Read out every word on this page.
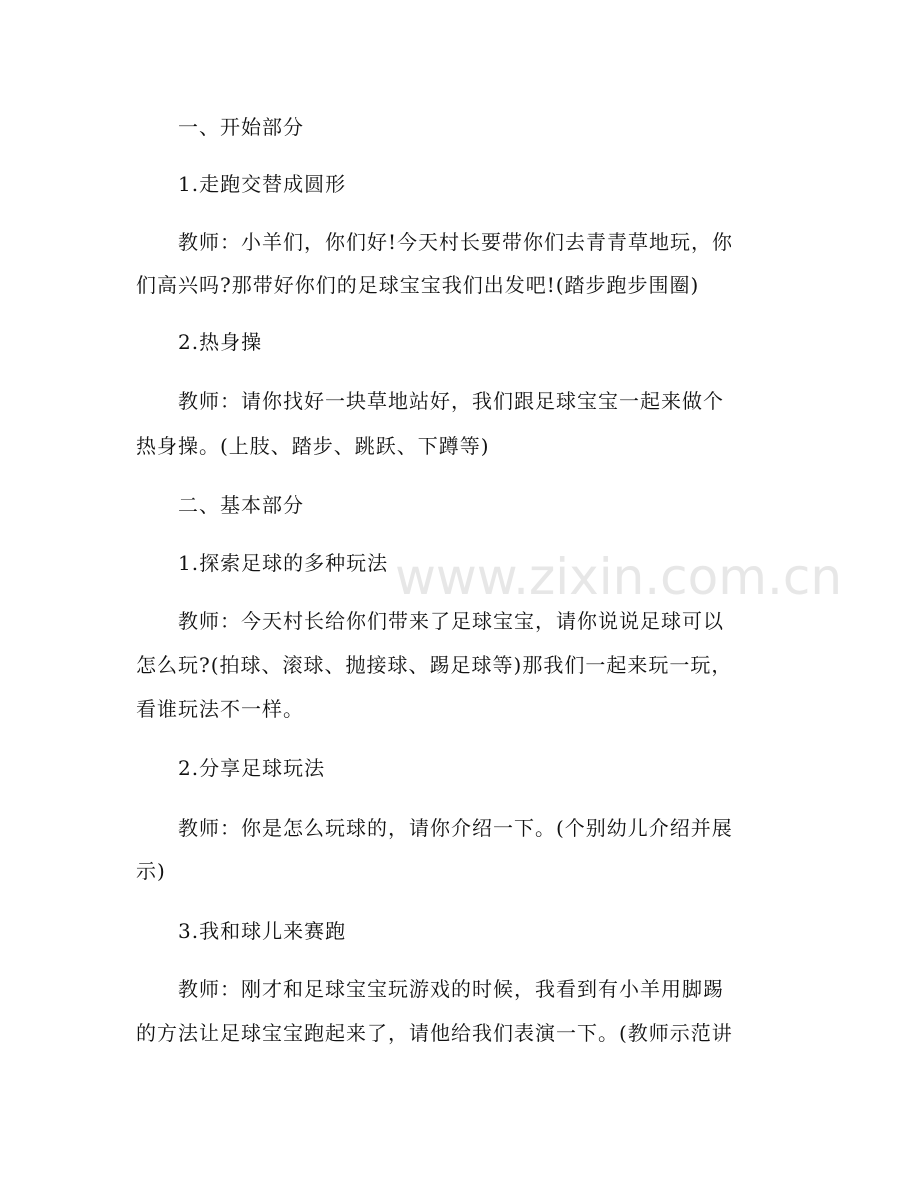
www.zixin.com.cn
一、开始部分
1.走跑交替成圆形
教师：小羊们，你们好!今天村长要带你们去青青草地玩，你
们高兴吗?那带好你们的足球宝宝我们出发吧!(踏步跑步围圈)
2.热身操
教师：请你找好一块草地站好，我们跟足球宝宝一起来做个
热身操。(上肢、踏步、跳跃、下蹲等)
二、基本部分
1.探索足球的多种玩法
教师：今天村长给你们带来了足球宝宝，请你说说足球可以
怎么玩?(拍球、滚球、抛接球、踢足球等)那我们一起来玩一玩，
看谁玩法不一样。
2.分享足球玩法
教师：你是怎么玩球的，请你介绍一下。(个别幼儿介绍并展
示)
3.我和球儿来赛跑
教师：刚才和足球宝宝玩游戏的时候，我看到有小羊用脚踢
的方法让足球宝宝跑起来了，请他给我们表演一下。(教师示范讲
